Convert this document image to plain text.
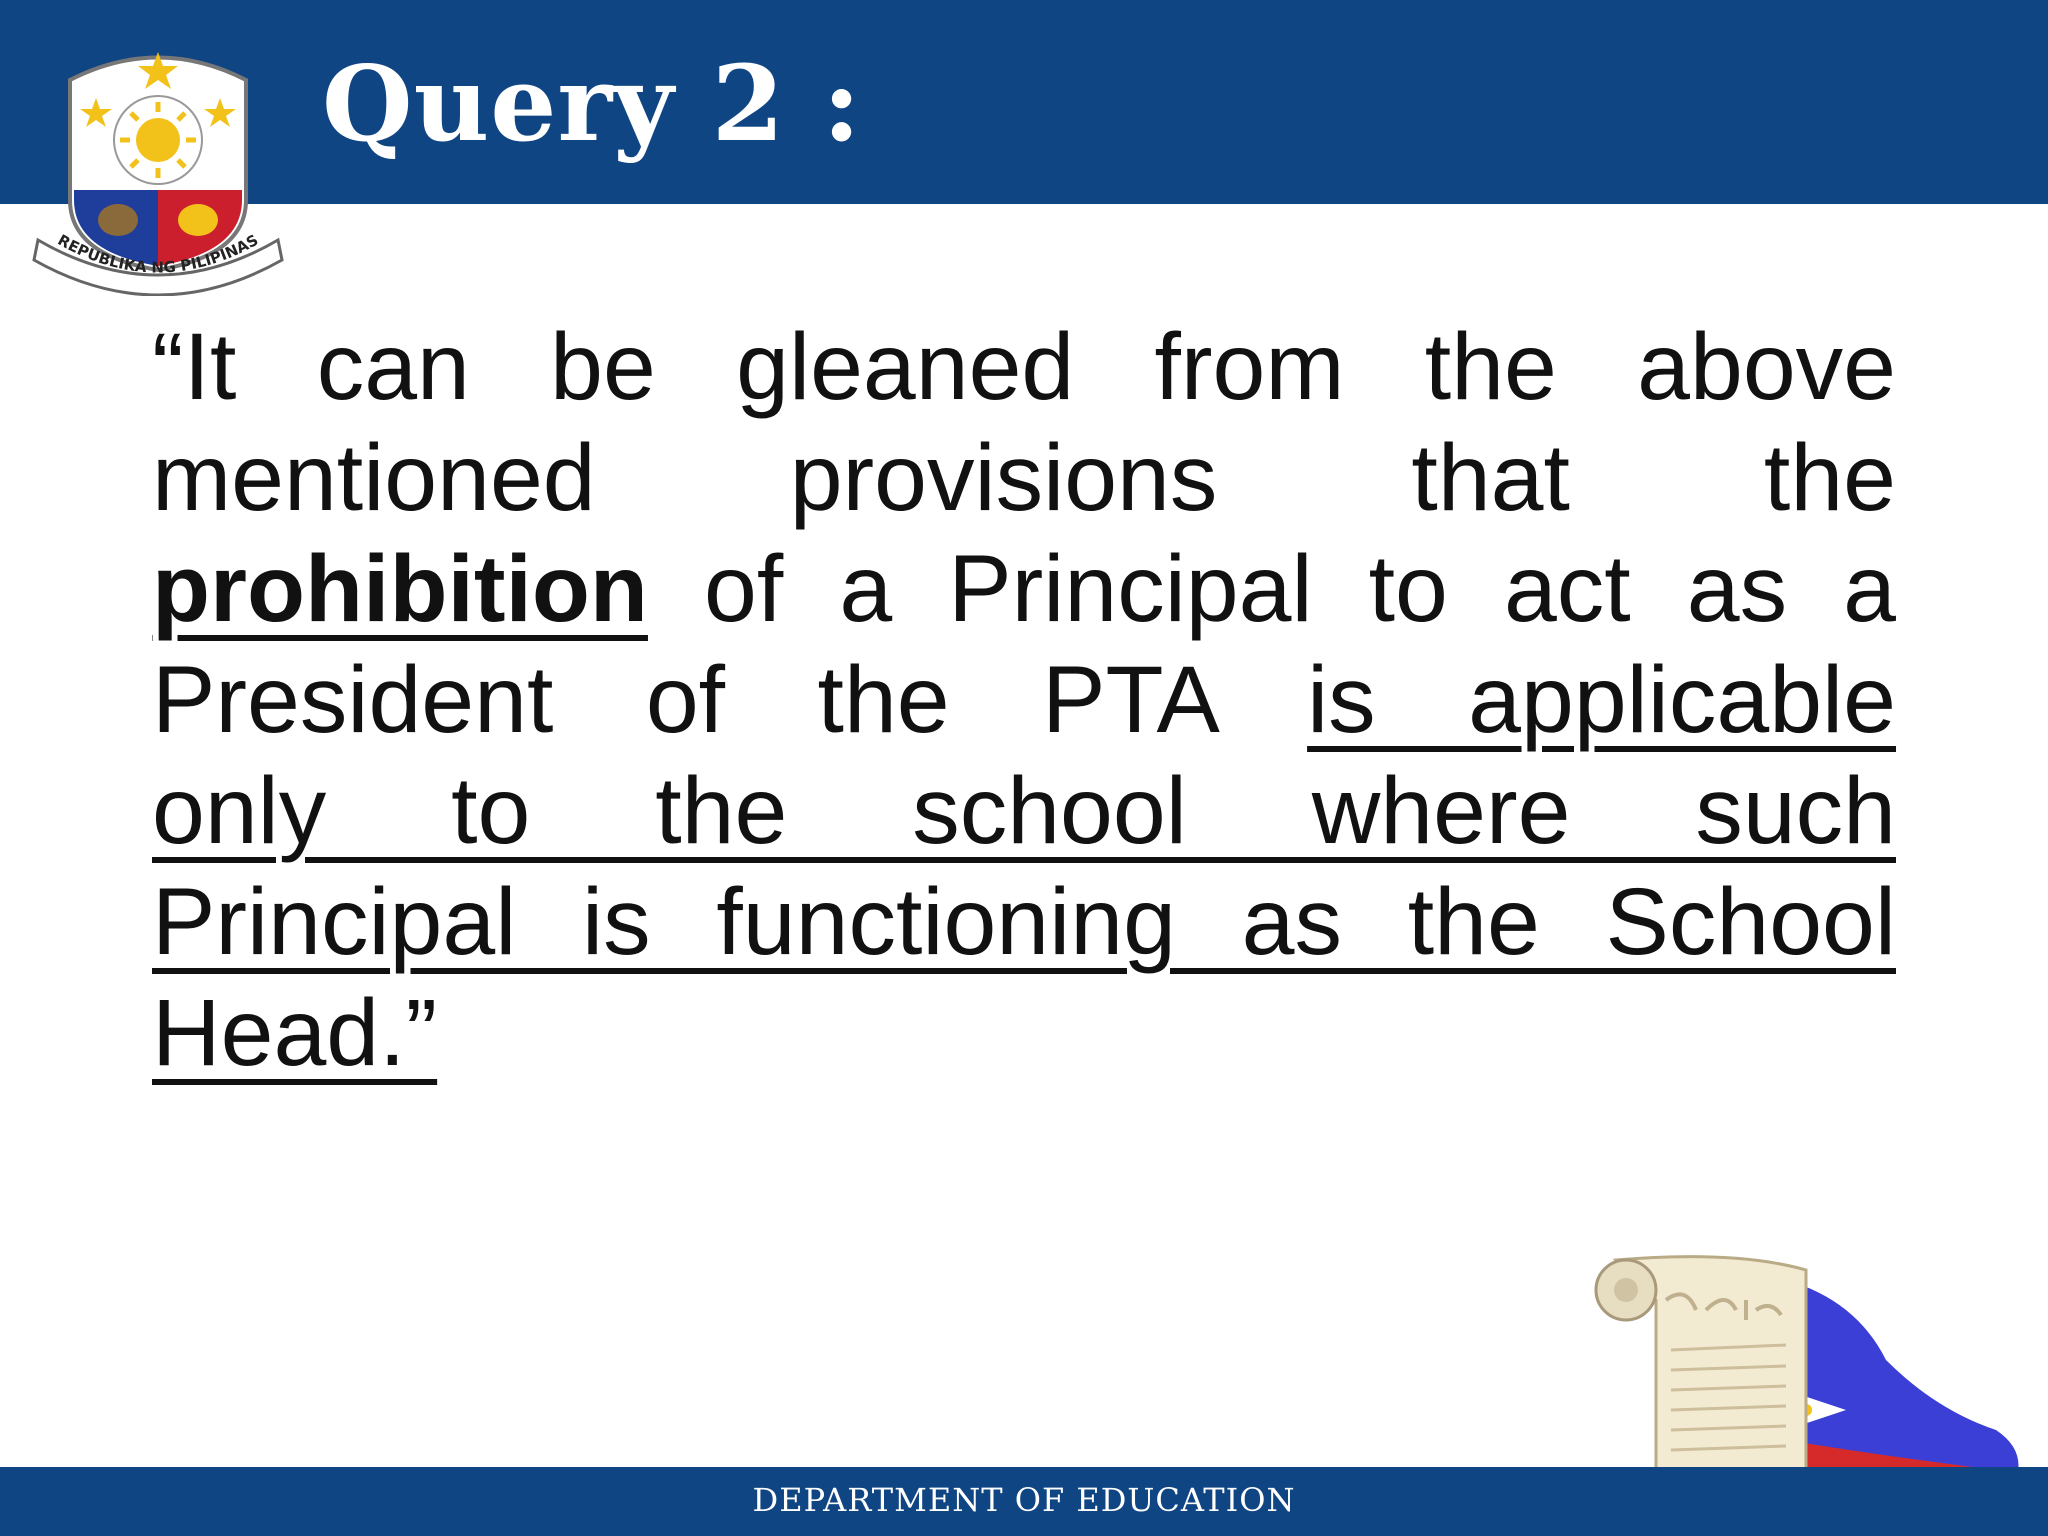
Query 2 :
REPUBLIKA NG PILIPINAS
“It can be gleaned from the above
mentioned provisions that the
prohibition of a Principal to act as a
President of the PTA is applicable
only to the school where such
Principal is functioning as the School
Head.”
DEPARTMENT OF EDUCATION
